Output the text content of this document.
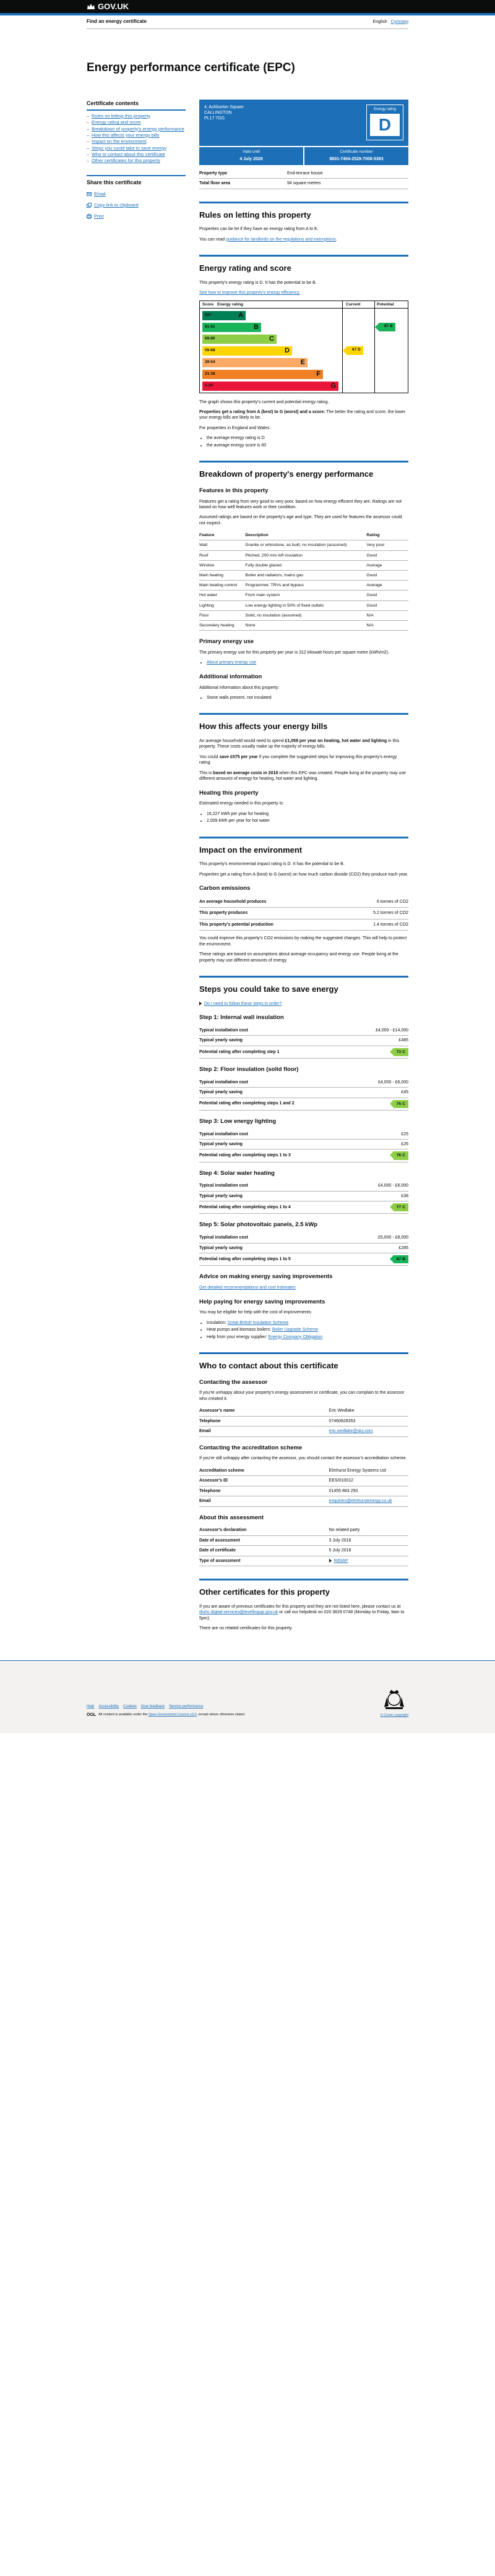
GOV.UK
Find an energy certificate	English Cymraeg
Energy performance certificate (EPC)
Certificate contents
– Rules on letting this property
– Energy rating and score
– Breakdown of property's energy performance
– How this affects your energy bills
– Impact on the environment
– Steps you could take to save energy
– Who to contact about this certificate
– Other certificates for this property
Share this certificate
Email
Copy link to clipboard
Print
4, Ashburton Square
CALLINGTON
PL17 7GG
Energy rating
D
Valid until
4 July 2028
Certificate number
8801-7404-2529-7008-5383
Property type	End-terrace house
Total floor area	94 square metres
Rules on letting this property

Properties can be let if they have an energy rating from A to E.

You can read guidance for landlords on the regulations and exemptions.

Energy rating and score

This property's energy rating is D. It has the potential to be B.

See how to improve this property's energy efficiency.

Score Energy rating	Current	Potential
92+	A
81-91	B
69-80	C
55-68	D
39-54	E
21-38	F
1-20	G
67 D
87 B

The graph shows this property's current and potential energy rating.

Properties get a rating from A (best) to G (worst) and a score. The better the rating and score, the lower your energy bills are likely to be.

For properties in England and Wales:

• the average energy rating is D
• the average energy score is 60
Breakdown of property's energy performance
Features in this property

Features get a rating from very good to very poor, based on how energy efficient they are. Ratings are not based on how well features work or their condition.

Assumed ratings are based on the property's age and type. They are used for features the assessor could not inspect.

Feature	Description	Rating
Wall	Granite or whinstone, as built, no insulation (assumed)	Very poor
Roof	Pitched, 200 mm loft insulation	Good
Window	Fully double glazed	Average
Main heating	Boiler and radiators, mains gas	Good
Main heating control	Programmer, TRVs and bypass	Average
Hot water	From main system	Good
Lighting	Low energy lighting in 50% of fixed outlets	Good
Floor	Solid, no insulation (assumed)	N/A
Secondary heating	None	N/A
Primary energy use

The primary energy use for this property per year is 312 kilowatt hours per square metre (kWh/m2).

• About primary energy use
Additional information

Additional information about this property:

• Stone walls present, not insulated
How this affects your energy bills

An average household would need to spend £1,058 per year on heating, hot water and lighting in this property. These costs usually make up the majority of energy bills.

You could save £575 per year if you complete the suggested steps for improving this property's energy rating.

This is based on average costs in 2018 when this EPC was created. People living at the property may use different amounts of energy for heating, hot water and lighting.

Heating this property

Estimated energy needed in this property is:

• 16,227 kWh per year for heating
• 2,009 kWh per year for hot water
Impact on the environment

This property's environmental impact rating is D. It has the potential to be B.

Properties get a rating from A (best) to G (worst) on how much carbon dioxide (CO2) they produce each year.

Carbon emissions
An average household produces	6 tonnes of CO2
This property produces	5.2 tonnes of CO2
This property's potential production	1.4 tonnes of CO2

You could improve this property's CO2 emissions by making the suggested changes. This will help to protect the environment.

These ratings are based on assumptions about average occupancy and energy use. People living at the property may use different amounts of energy.

Steps you could take to save energy
Do I need to follow these steps in order?
Step 1: Internal wall insulation
Typical installation cost	£4,000 - £14,000
Typical yearly saving	£485
Potential rating after completing step 1	73 C
Step 2: Floor insulation (solid floor)
Typical installation cost	£4,000 - £6,000
Typical yearly saving	£45
Potential rating after completing steps 1 and 2	75 C
Step 3: Low energy lighting
Typical installation cost	£25
Typical yearly saving	£26
Potential rating after completing steps 1 to 3	76 C
Step 4: Solar water heating
Typical installation cost	£4,000 - £6,000
Typical yearly saving	£38
Potential rating after completing steps 1 to 4	77 C
Step 5: Solar photovoltaic panels, 2.5 kWp
Typical installation cost	£5,000 - £8,000
Typical yearly saving	£285
Potential rating after completing steps 1 to 5	87 B
Advice on making energy saving improvements

Get detailed recommendations and cost estimates

Help paying for energy saving improvements

You may be eligible for help with the cost of improvements:

• Insulation: Great British Insulation Scheme
• Heat pumps and biomass boilers: Boiler Upgrade Scheme
• Help from your energy supplier: Energy Company Obligation
Who to contact about this certificate
Contacting the assessor

If you're unhappy about your property's energy assessment or certificate, you can complain to the assessor who created it.

Assessor's name	Eric Wedlake
Telephone	07460828353
Email	eric.wedlake@sky.com
Contacting the accreditation scheme

If you're still unhappy after contacting the assessor, you should contact the assessor's accreditation scheme.

Accreditation scheme	Elmhurst Energy Systems Ltd
Assessor's ID	EES/010012
Telephone	01455 883 250
Email	enquiries@elmhurstenergy.co.uk
About this assessment
Assessor's declaration	No related party
Date of assessment	3 July 2018
Date of certificate	5 July 2018
Type of assessment	RdSAP
Other certificates for this property

If you are aware of previous certificates for this property and they are not listed here, please contact us at dluhc.digital-services@levellingup.gov.uk or call our helpdesk on 020 3829 0748 (Monday to Friday, 9am to 5pm).

There are no related certificates for this property.

Help Accessibility Cookies Give feedback Service performance
OGL All content is available under the Open Government Licence v3.0, except where otherwise stated	© Crown copyright
